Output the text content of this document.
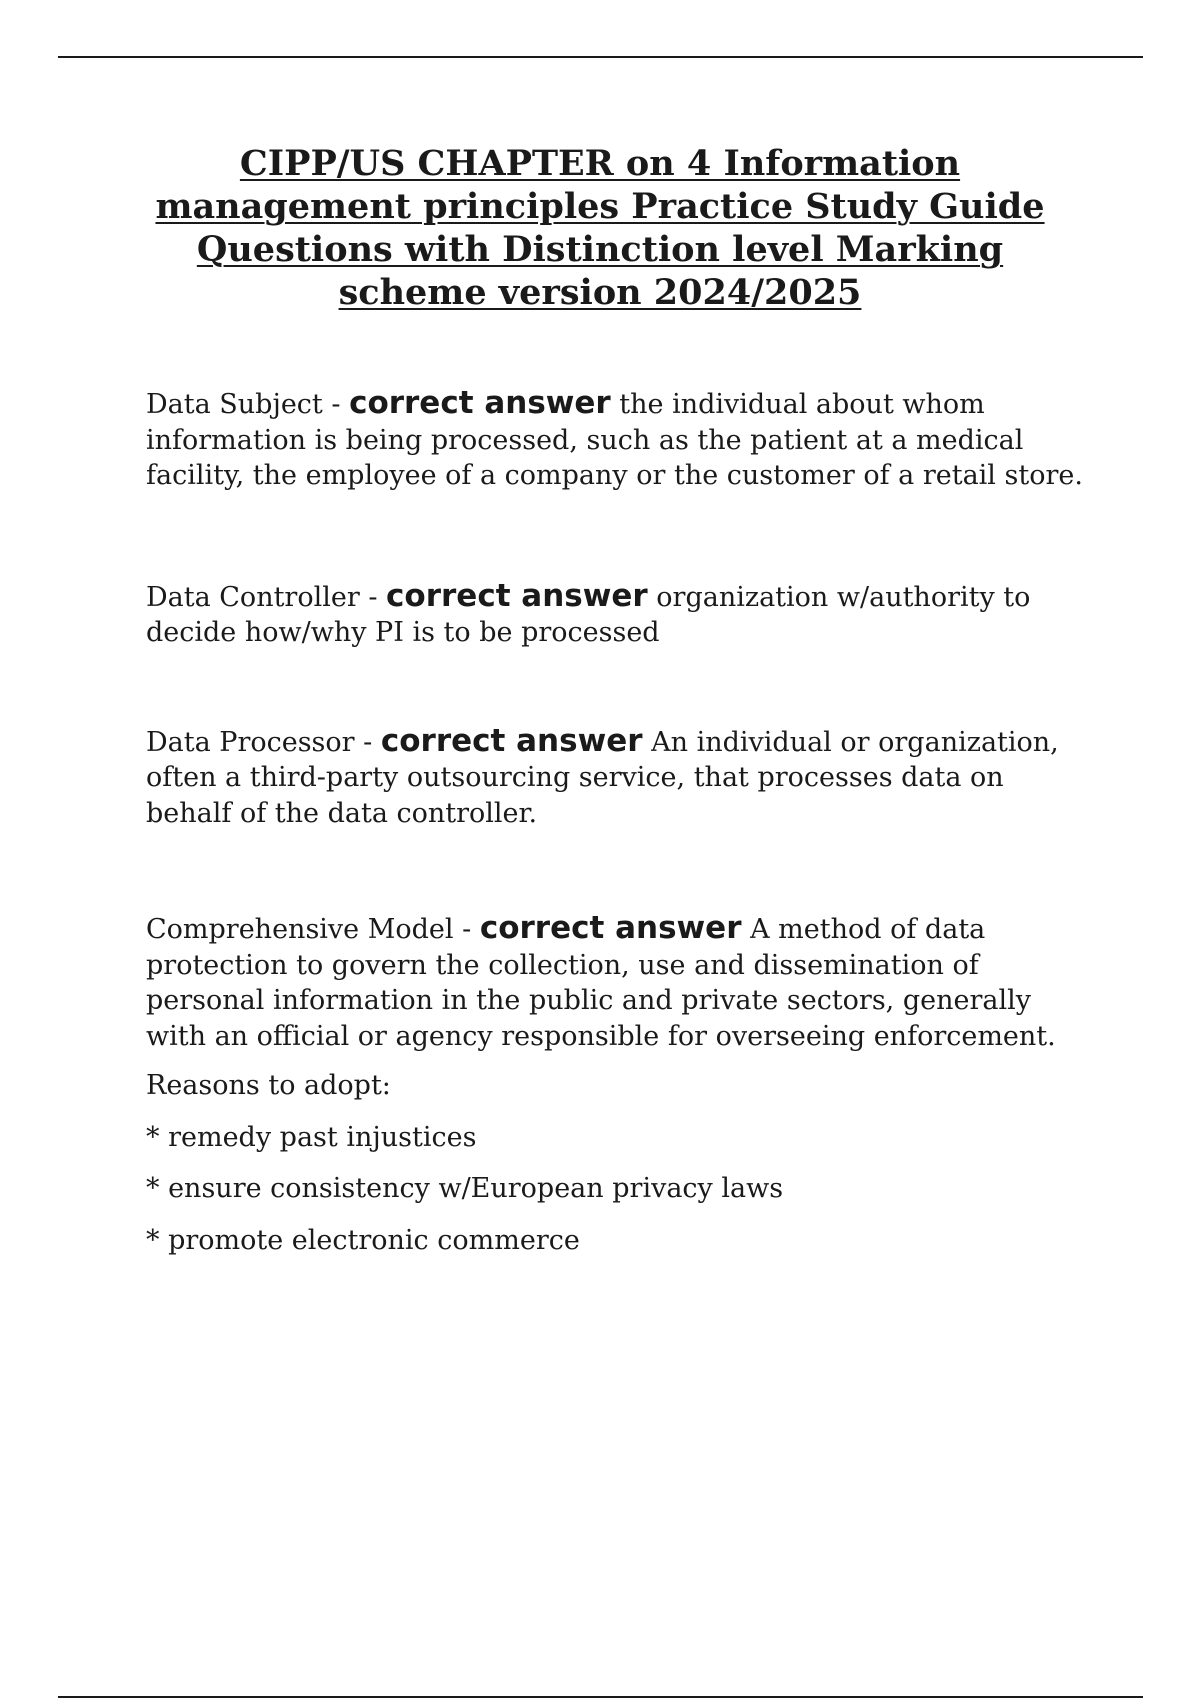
CIPP/US CHAPTER on 4 Information management principles Practice Study Guide Questions with Distinction level Marking scheme version 2024/2025

Data Subject - correct answer the individual about whom information is being processed, such as the patient at a medical facility, the employee of a company or the customer of a retail store.

Data Controller - correct answer organization w/authority to decide how/why PI is to be processed

Data Processor - correct answer An individual or organization, often a third-party outsourcing service, that processes data on behalf of the data controller.

Comprehensive Model - correct answer A method of data protection to govern the collection, use and dissemination of personal information in the public and private sectors, generally with an official or agency responsible for overseeing enforcement.

Reasons to adopt:

* remedy past injustices

* ensure consistency w/European privacy laws

* promote electronic commerce
